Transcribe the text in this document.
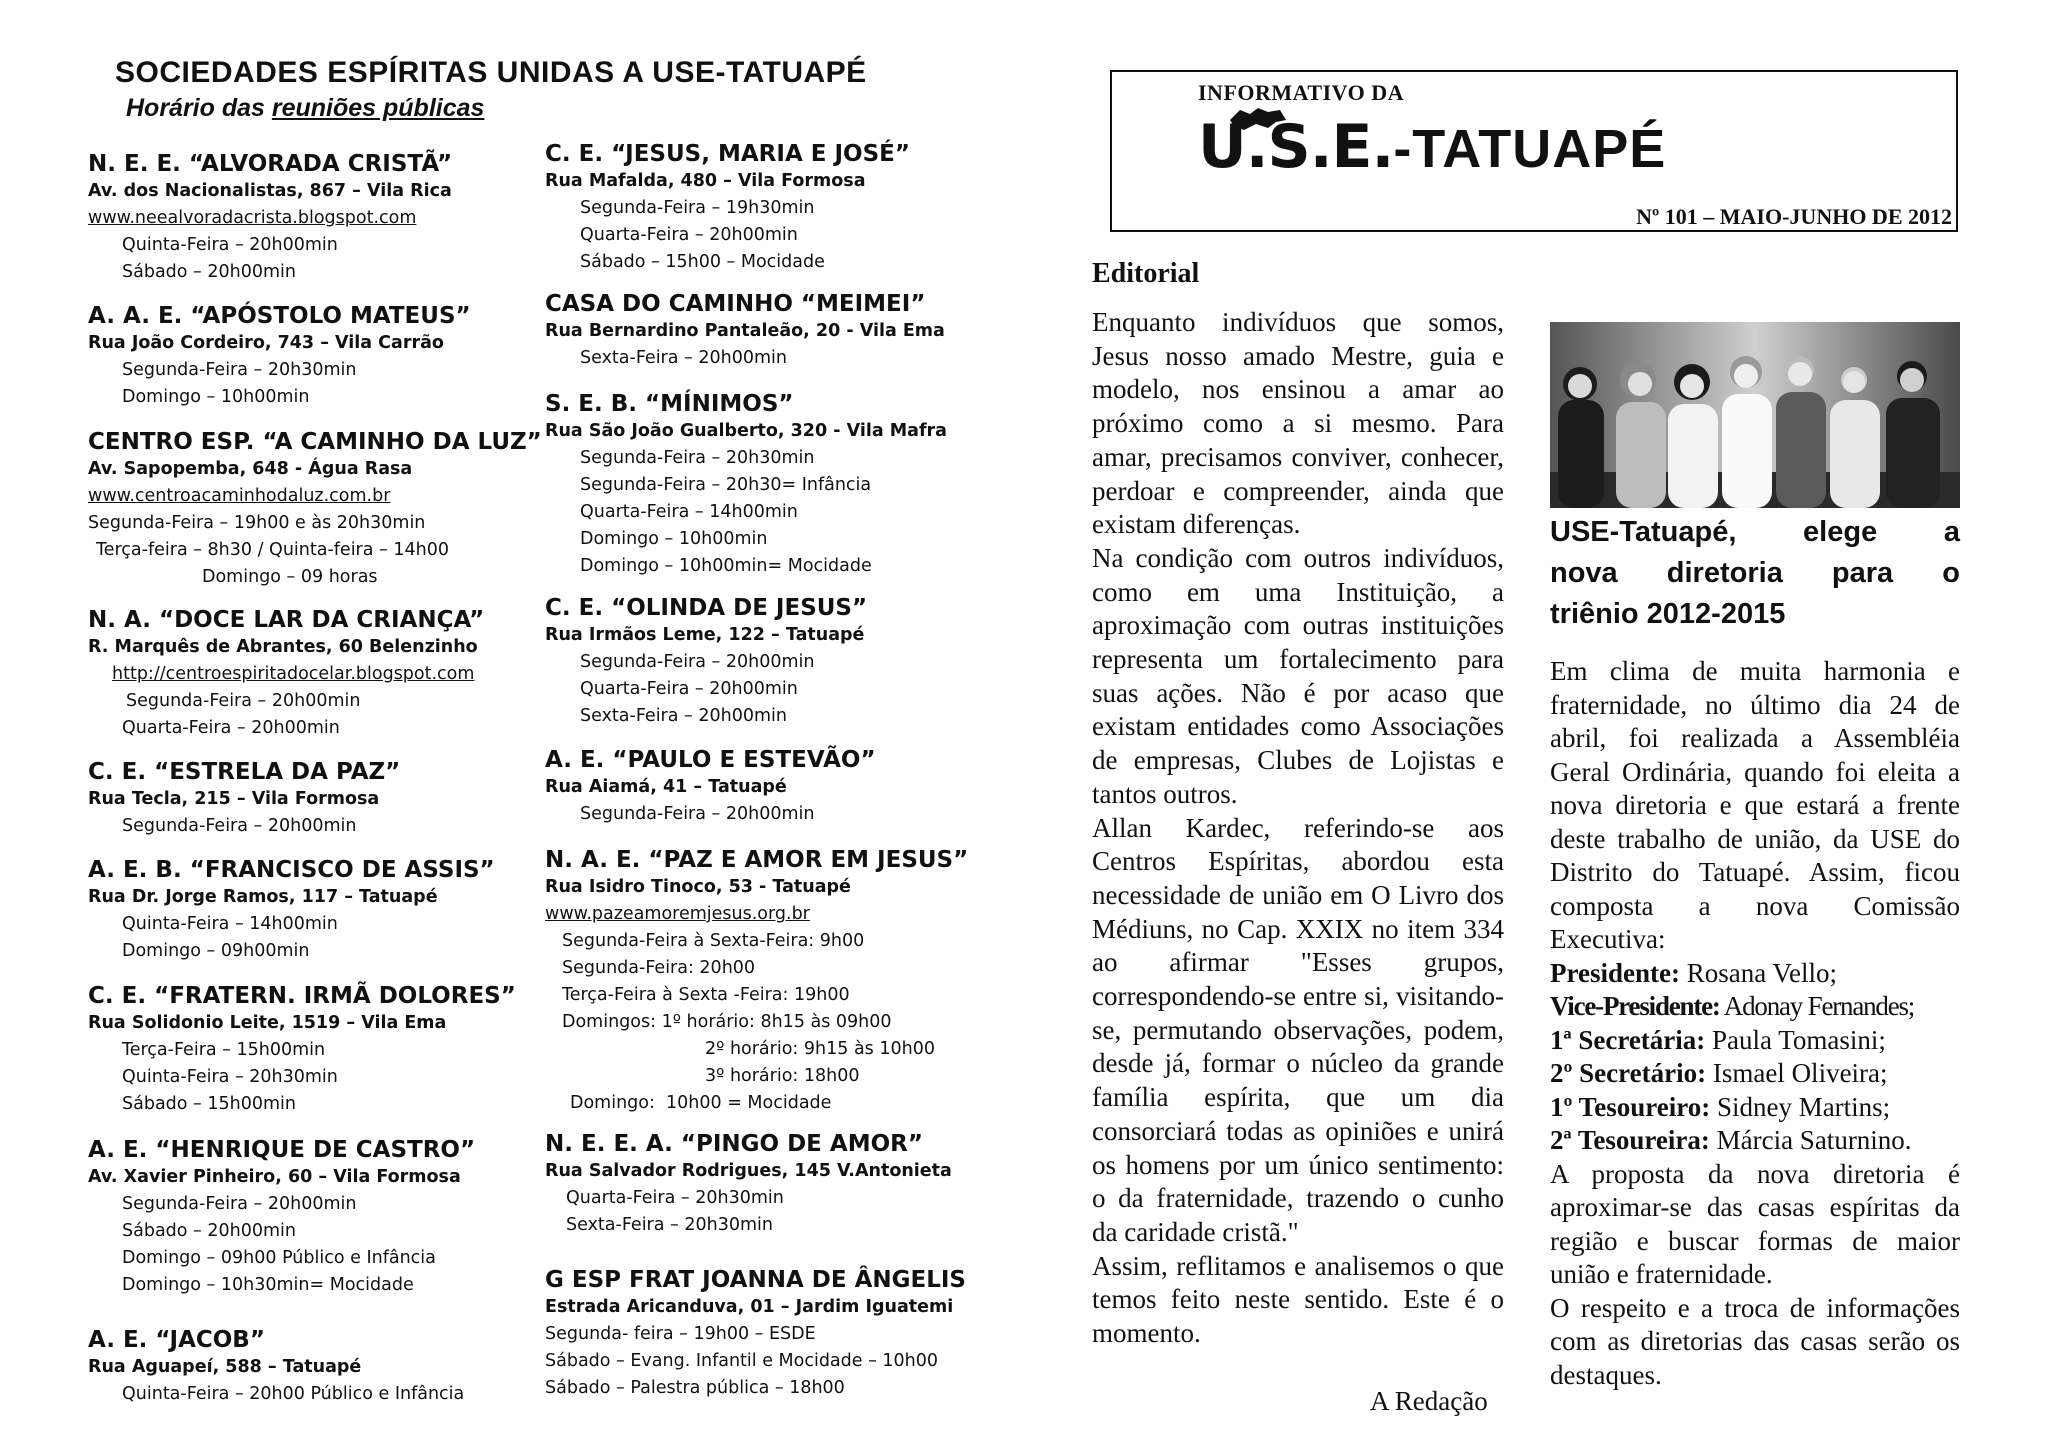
SOCIEDADES ESPÍRITAS UNIDAS A USE-TATUAPÉ
Horário das reuniões públicas
N. E. E. “ALVORADA CRISTÃ”
Av. dos Nacionalistas, 867 – Vila Rica
www.neealvoradacrista.blogspot.com
Quinta-Feira – 20h00min
Sábado – 20h00min
A. A. E. “APÓSTOLO MATEUS”
Rua João Cordeiro, 743 – Vila Carrão
Segunda-Feira – 20h30min
Domingo – 10h00min
CENTRO ESP. “A CAMINHO DA LUZ”
Av. Sapopemba, 648 - Água Rasa
www.centroacaminhodaluz.com.br
Segunda-Feira – 19h00 e às 20h30min
Terça-feira – 8h30 / Quinta-feira – 14h00
Domingo – 09 horas
N. A. “DOCE LAR DA CRIANÇA”
R. Marquês de Abrantes, 60 Belenzinho
http://centroespiritadocelar.blogspot.com
Segunda-Feira – 20h00min
Quarta-Feira – 20h00min
C. E. “ESTRELA DA PAZ”
Rua Tecla, 215 – Vila Formosa
Segunda-Feira – 20h00min
A. E. B. “FRANCISCO DE ASSIS”
Rua Dr. Jorge Ramos, 117 – Tatuapé
Quinta-Feira – 14h00min
Domingo – 09h00min
C. E. “FRATERN. IRMÃ DOLORES”
Rua Solidonio Leite, 1519 – Vila Ema
Terça-Feira – 15h00min
Quinta-Feira – 20h30min
Sábado – 15h00min
A. E. “HENRIQUE DE CASTRO”
Av. Xavier Pinheiro, 60 – Vila Formosa
Segunda-Feira – 20h00min
Sábado – 20h00min
Domingo – 09h00 Público e Infância
Domingo – 10h30min= Mocidade
A. E. “JACOB”
Rua Aguapeí, 588 – Tatuapé
Quinta-Feira – 20h00 Público e Infância
C. E. “JESUS, MARIA E JOSÉ”
Rua Mafalda, 480 – Vila Formosa
Segunda-Feira – 19h30min
Quarta-Feira – 20h00min
Sábado – 15h00 – Mocidade
CASA DO CAMINHO “MEIMEI”
Rua Bernardino Pantaleão, 20 - Vila Ema
Sexta-Feira – 20h00min
S. E. B. “MÍNIMOS”
Rua São João Gualberto, 320 - Vila Mafra
Segunda-Feira – 20h30min
Segunda-Feira – 20h30= Infância
Quarta-Feira – 14h00min
Domingo – 10h00min
Domingo – 10h00min= Mocidade
C. E. “OLINDA DE JESUS”
Rua Irmãos Leme, 122 – Tatuapé
Segunda-Feira – 20h00min
Quarta-Feira – 20h00min
Sexta-Feira – 20h00min
A. E. “PAULO E ESTEVÃO”
Rua Aiamá, 41 – Tatuapé
Segunda-Feira – 20h00min
N. A. E. “PAZ E AMOR EM JESUS”
Rua Isidro Tinoco, 53 - Tatuapé
www.pazeamoremjesus.org.br
Segunda-Feira à Sexta-Feira: 9h00
Segunda-Feira: 20h00
Terça-Feira à Sexta -Feira: 19h00
Domingos: 1º horário: 8h15 às 09h00
2º horário: 9h15 às 10h00
3º horário: 18h00
Domingo:  10h00 = Mocidade
N. E. E. A. “PINGO DE AMOR”
Rua Salvador Rodrigues, 145 V.Antonieta
Quarta-Feira – 20h30min
Sexta-Feira – 20h30min
G ESP FRAT JOANNA DE ÂNGELIS
Estrada Aricanduva, 01 – Jardim Iguatemi
Segunda- feira – 19h00 – ESDE
Sábado – Evang. Infantil e Mocidade – 10h00
Sábado – Palestra pública – 18h00
INFORMATIVO DA
U.S.E.-TATUAPÉ
Nº 101 – MAIO-JUNHO DE 2012
Editorial

Enquanto indivíduos que somos, Jesus nosso amado Mestre, guia e modelo, nos ensinou a amar ao próximo como a si mesmo. Para amar, precisamos conviver, conhecer, perdoar e compreender, ainda que existam diferenças.

Na condição com outros indivíduos, como em uma Instituição, a aproximação com outras instituições representa um fortalecimento para suas ações. Não é por acaso que existam entidades como Associações de empresas, Clubes de Lojistas e tantos outros.

Allan Kardec, referindo-se aos Centros Espíritas, abordou esta necessidade de união em O Livro dos Médiuns, no Cap. XXIX no item 334 ao afirmar "Esses grupos, correspondendo-se entre si, visitando-se, permutando observações, podem, desde já, formar o núcleo da grande família espírita, que um dia consorciará todas as opiniões e unirá os homens por um único sentimento: o da fraternidade, trazendo o cunho da caridade cristã."

Assim, reflitamos e analisemos o que temos feito neste sentido. Este é o momento.

A Redação
USE-Tatuapé, elege a
nova diretoria para o
triênio 2012-2015

Em clima de muita harmonia e fraternidade, no último dia 24 de abril, foi realizada a Assembléia Geral Ordinária, quando foi eleita a nova diretoria e que estará a frente deste trabalho de união, da USE do Distrito do Tatuapé. Assim, ficou composta a nova Comissão Executiva:

Presidente: Rosana Vello;
Vice-Presidente: Adonay Fernandes;
1ª Secretária: Paula Tomasini;
2º Secretário: Ismael Oliveira;
1º Tesoureiro: Sidney Martins;
2ª Tesoureira: Márcia Saturnino.

A proposta da nova diretoria é aproximar-se das casas espíritas da região e buscar formas de maior união e fraternidade.

O respeito e a troca de informações com as diretorias das casas serão os destaques.
